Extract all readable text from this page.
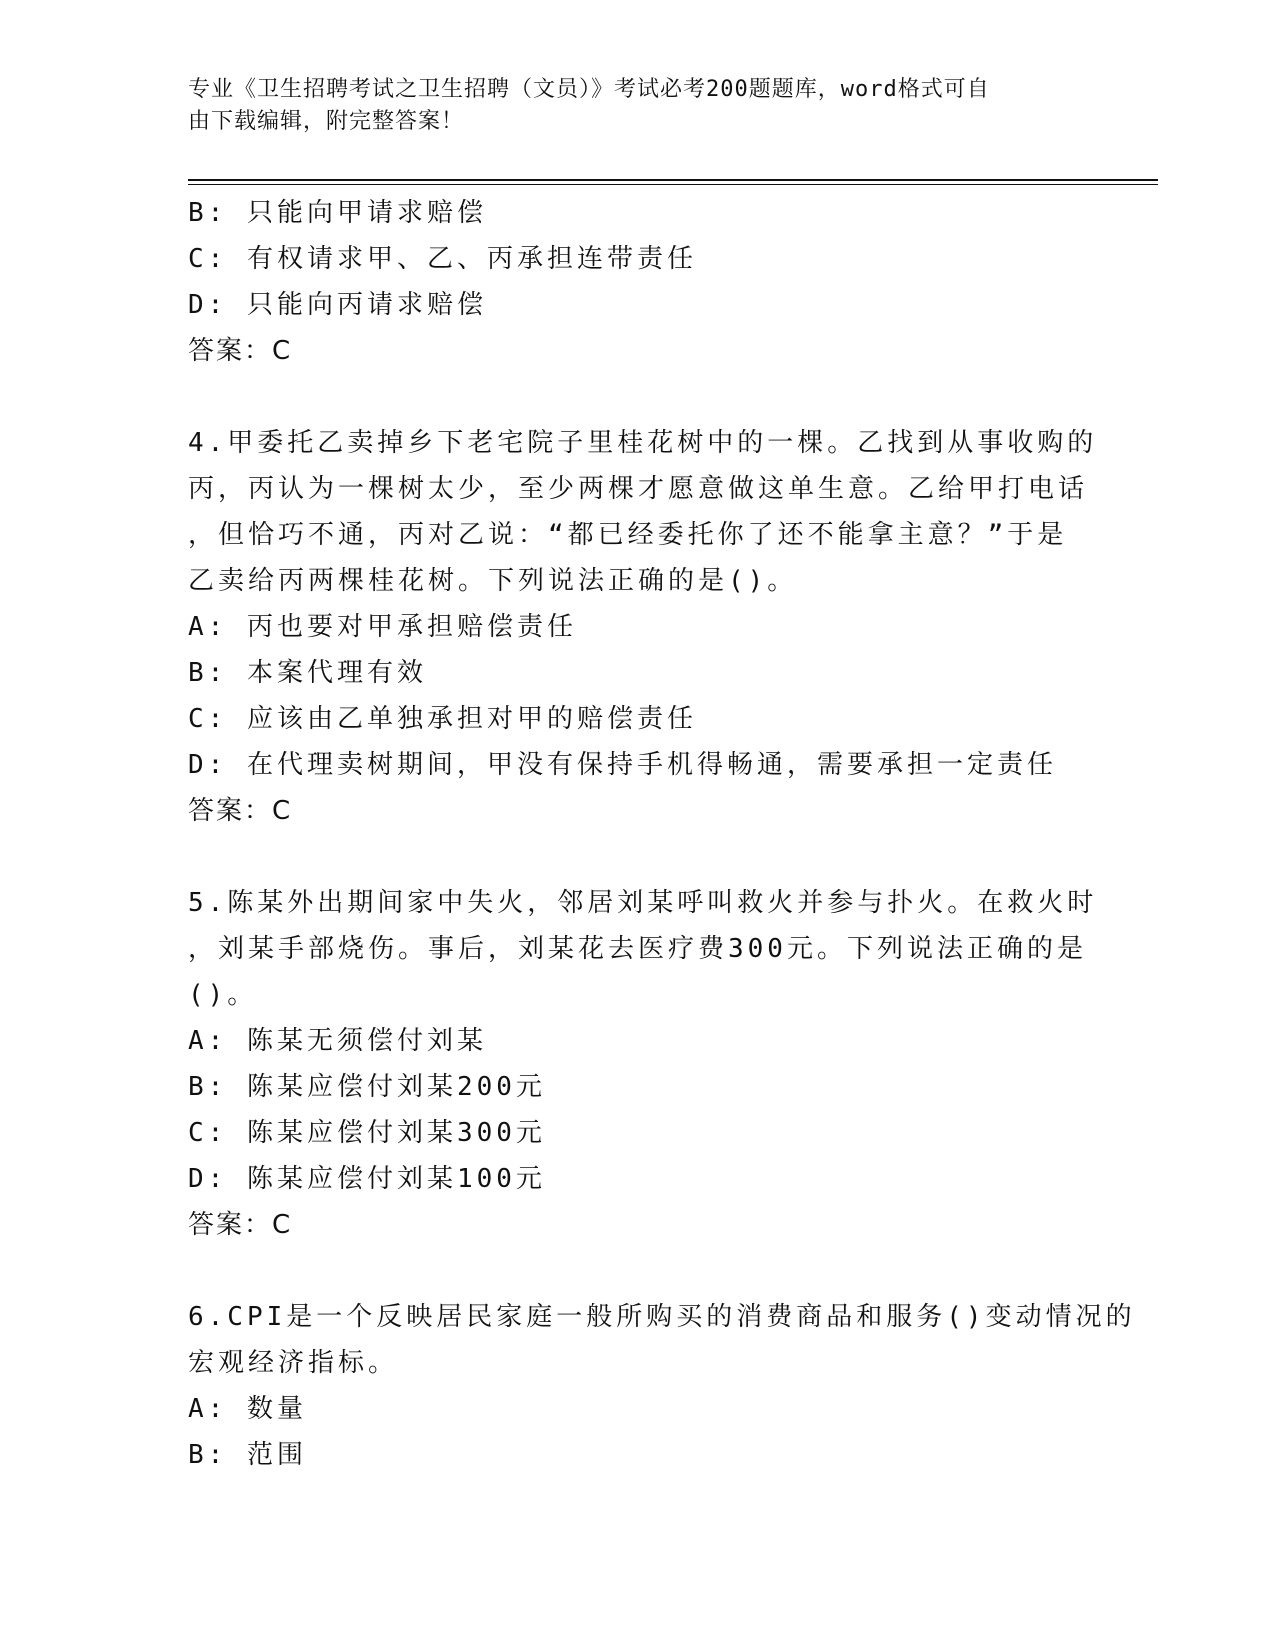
专业《卫生招聘考试之卫生招聘（文员）》考试必考200题题库，word格式可自
由下载编辑，附完整答案！
B: 只能向甲请求赔偿
C: 有权请求甲、乙、丙承担连带责任
D: 只能向丙请求赔偿
答案：C
4.甲委托乙卖掉乡下老宅院子里桂花树中的一棵。乙找到从事收购的
丙，丙认为一棵树太少，至少两棵才愿意做这单生意。乙给甲打电话
，但恰巧不通，丙对乙说：“都已经委托你了还不能拿主意？”于是
乙卖给丙两棵桂花树。下列说法正确的是()。
A: 丙也要对甲承担赔偿责任
B: 本案代理有效
C: 应该由乙单独承担对甲的赔偿责任
D: 在代理卖树期间，甲没有保持手机得畅通，需要承担一定责任
答案：C
5.陈某外出期间家中失火，邻居刘某呼叫救火并参与扑火。在救火时
，刘某手部烧伤。事后，刘某花去医疗费300元。下列说法正确的是
()。
A: 陈某无须偿付刘某
B: 陈某应偿付刘某200元
C: 陈某应偿付刘某300元
D: 陈某应偿付刘某100元
答案：C
6.CPI是一个反映居民家庭一般所购买的消费商品和服务()变动情况的
宏观经济指标。
A: 数量
B: 范围
